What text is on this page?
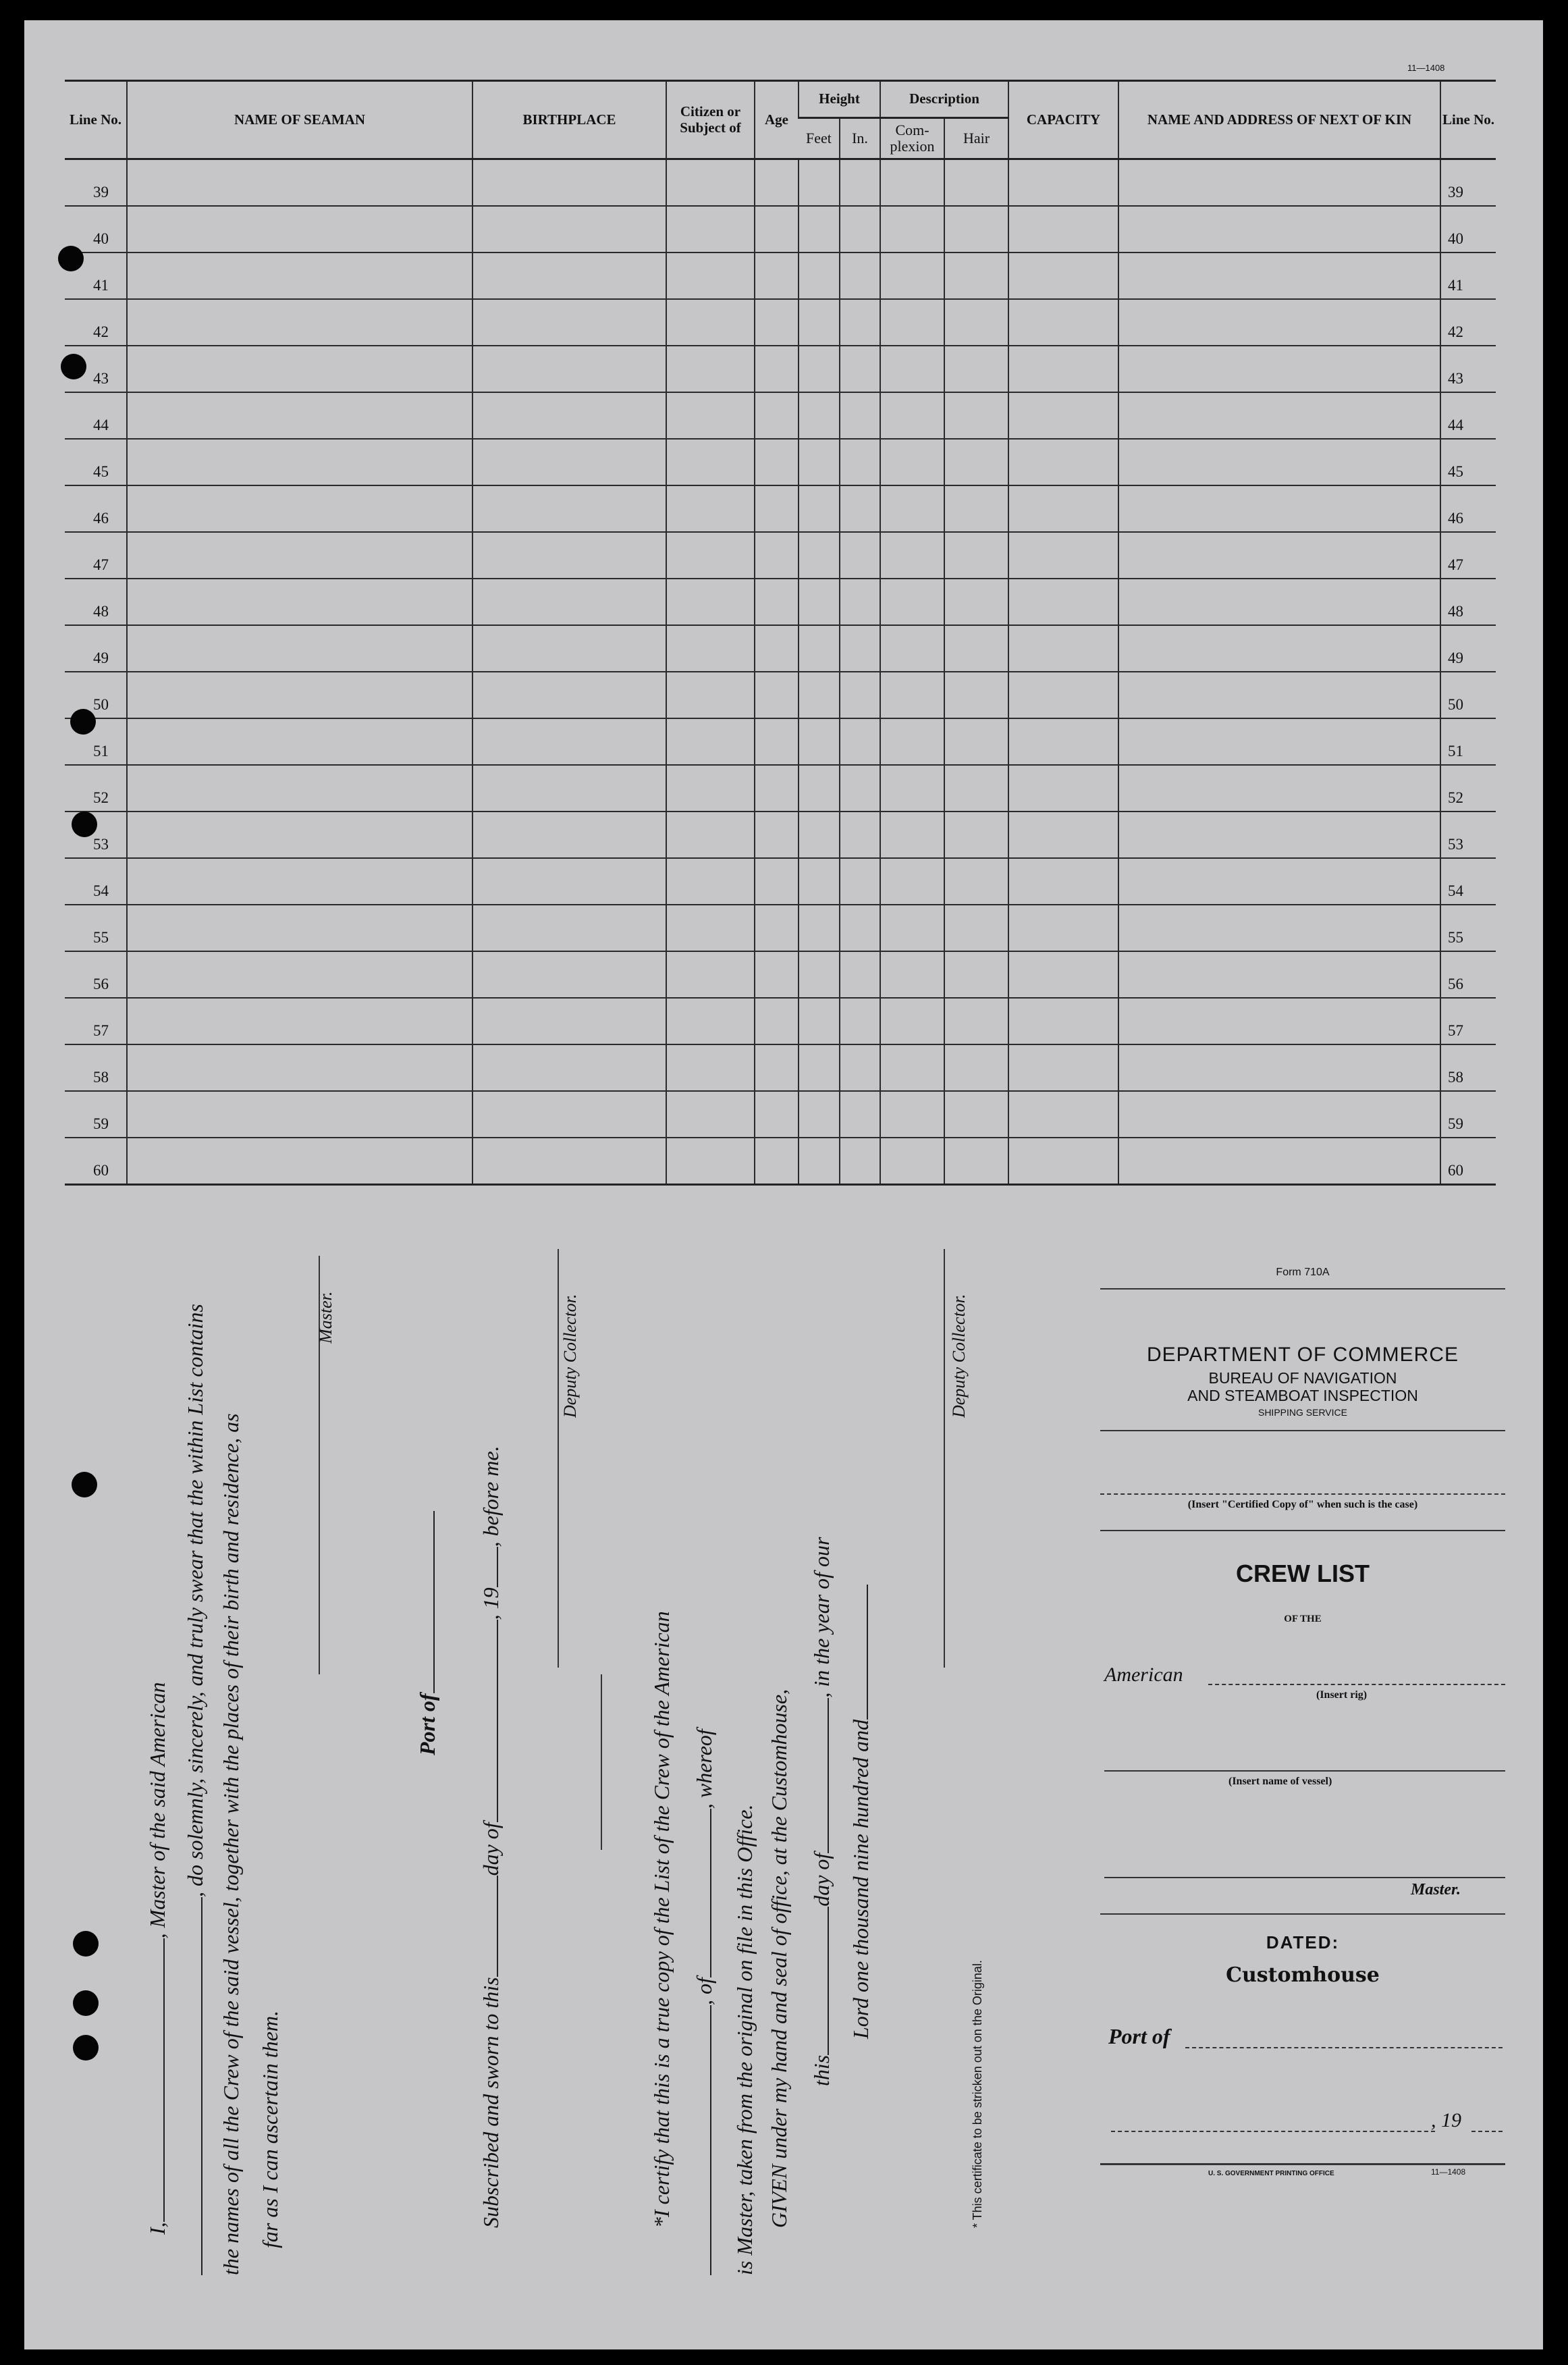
11—1408
Line No.	NAME OF SEAMAN	BIRTHPLACE	Citizen or Subject of	Age	Height		Description		CAPACITY	NAME AND ADDRESS OF NEXT OF KIN	Line No.
					Feet	In.	Com-plexion	Hair			
39											39
40											40
41											41
42											42
43											43
44											44
45											45
46											46
47											47
48											48
49											49
50											50
51											51
52											52
53											53
54											54
55											55
56											56
57											57
58											58
59											59
60											60
I,, Master of the said American , do solemnly, sincerely, and truly swear that the within List contains the names of all the Crew of the said vessel, together with the places of their birth and residence, as far as I can ascertain them.
Master.
Port of
Subscribed and sworn to thisday of, 19, before me.
Deputy Collector.
*I certify that this is a true copy of the List of the Crew of the American , of, whereof
is Master, taken from the original on file in this Office. GIVEN under my hand and seal of office, at the Customhouse, thisday of, in the year of our
Lord one thousand nine hundred and
Deputy Collector.
* This certificate to be stricken out on the Original.
Form 710A
DEPARTMENT OF COMMERCE
BUREAU OF NAVIGATION
AND STEAMBOAT INSPECTION
SHIPPING SERVICE
(Insert "Certified Copy of" when such is the case)
CREW LIST
OF THE
American
(Insert rig)
(Insert name of vessel)
Master.
DATED:
Customhouse
Port of
, 19
U. S. GOVERNMENT PRINTING OFFICE	11—1408
